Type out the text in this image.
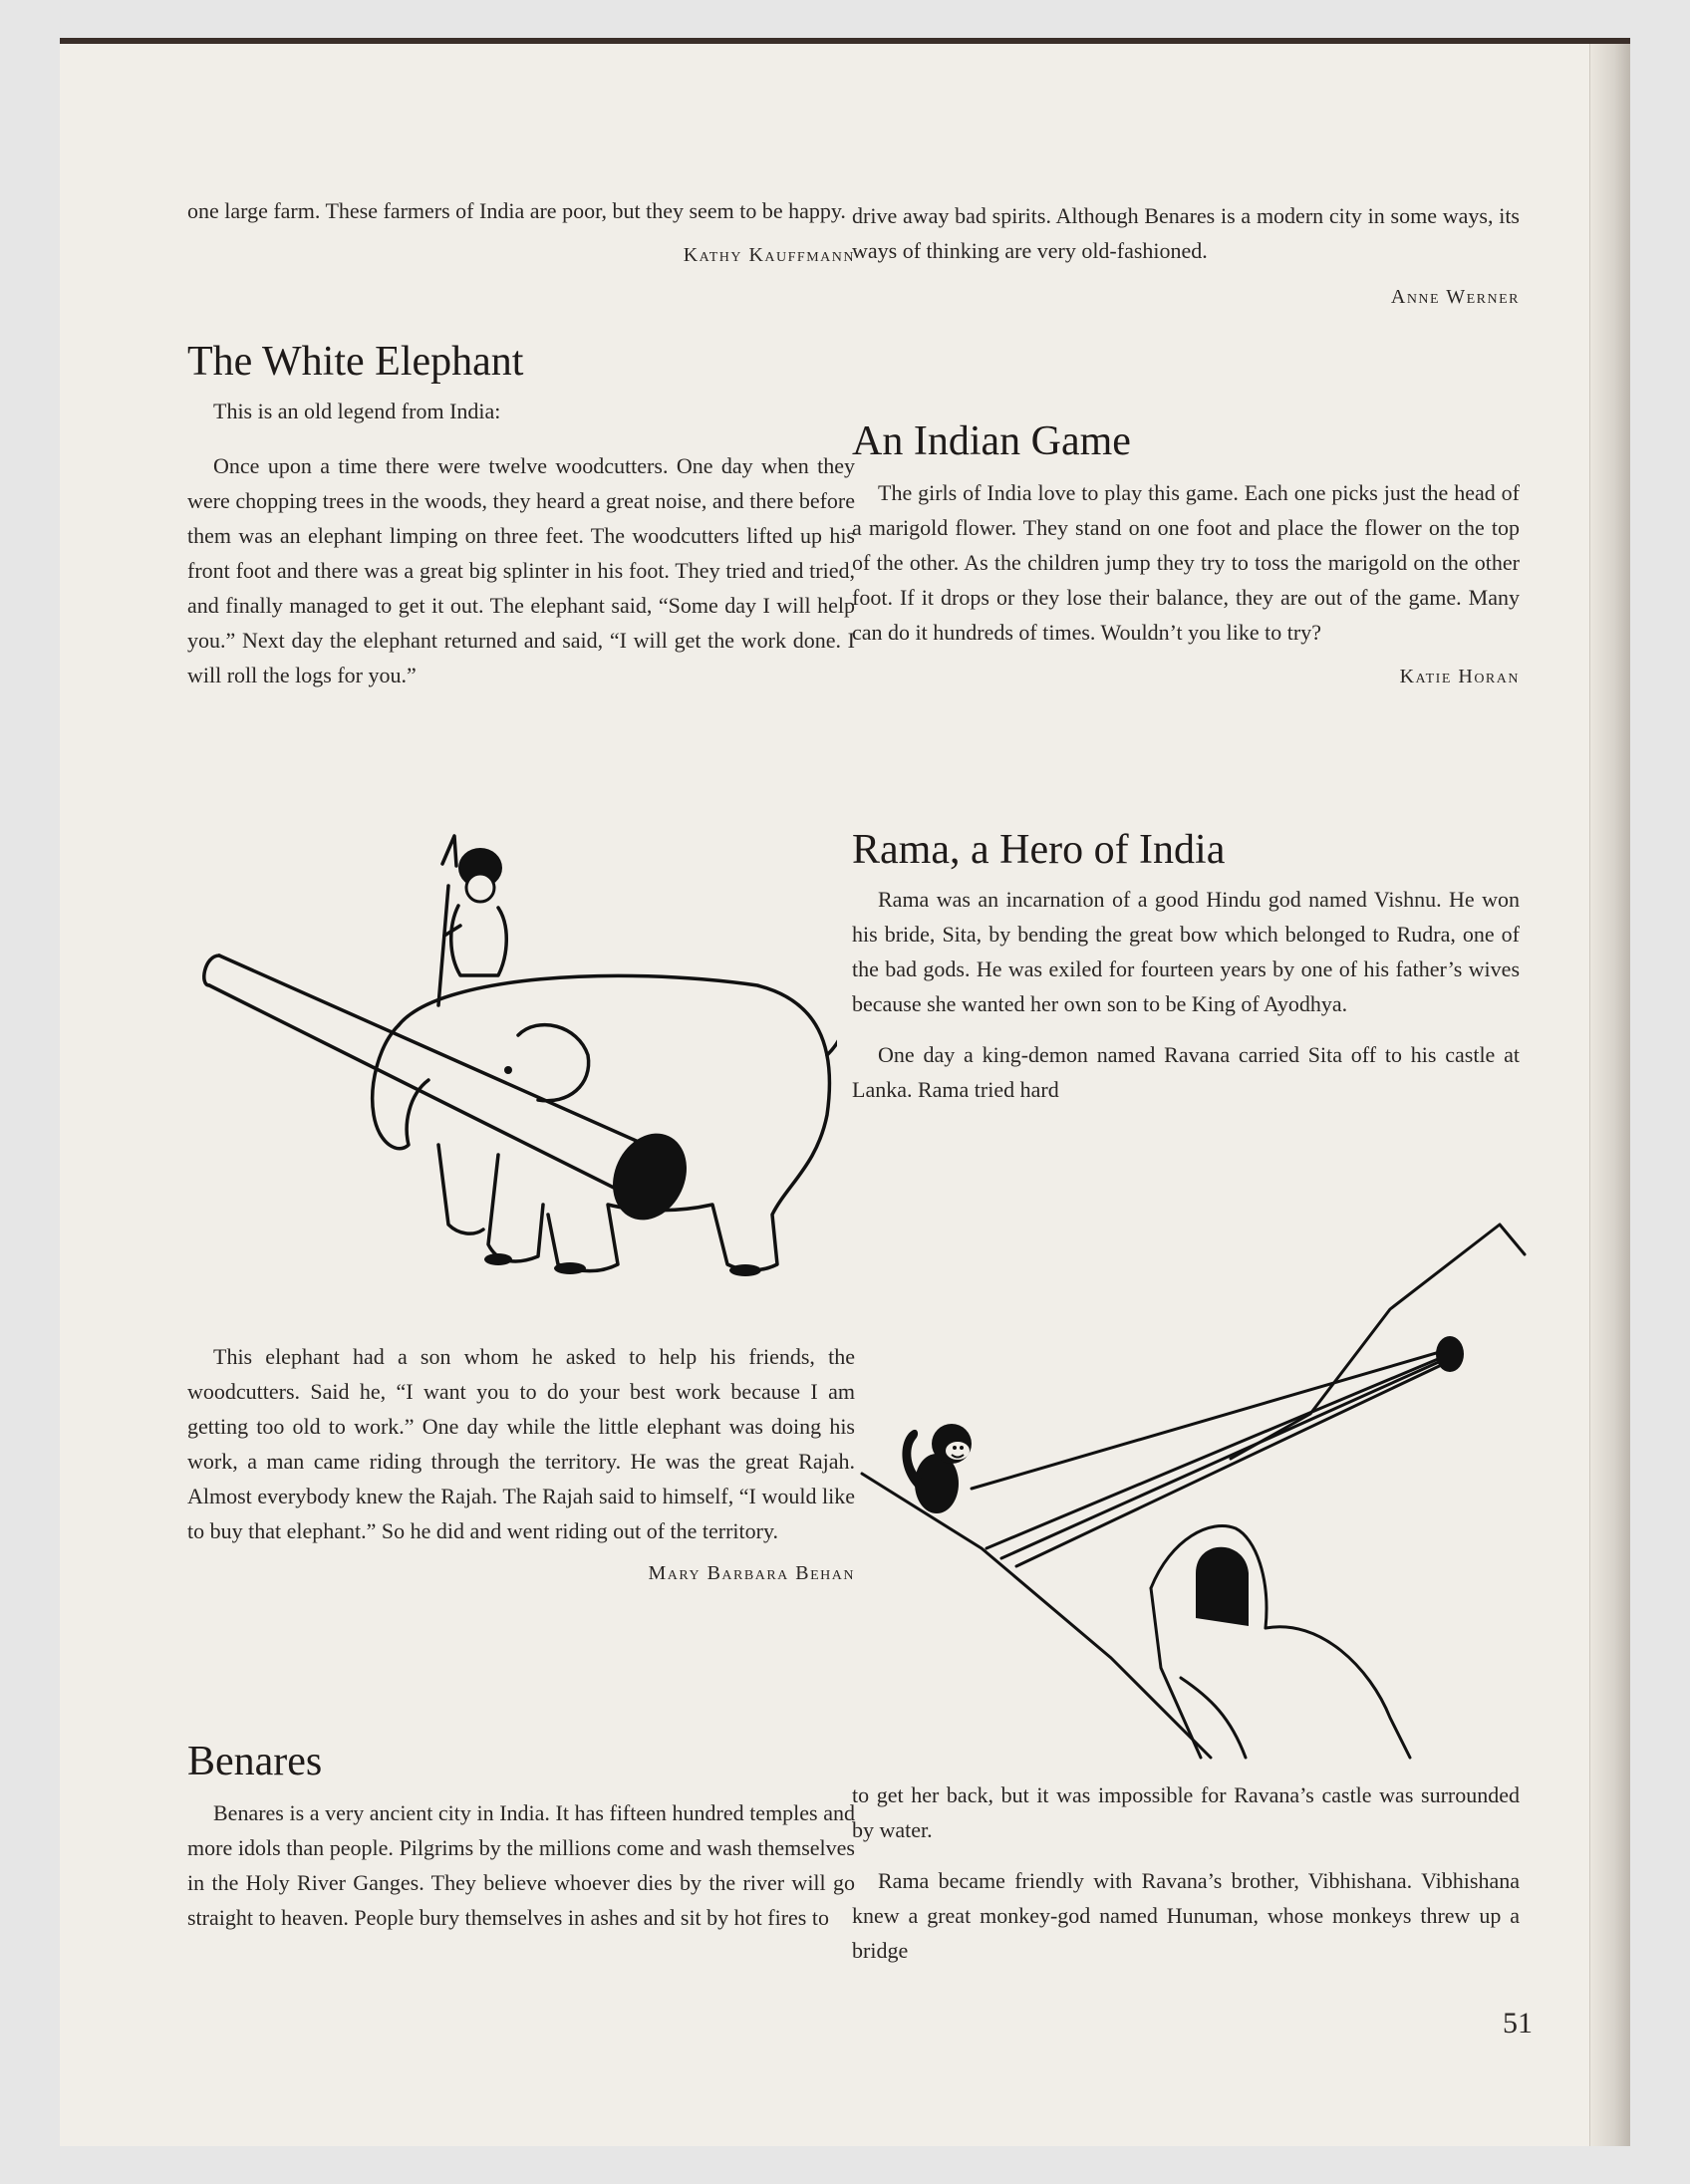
one large farm. These farmers of India are poor, but they seem to be happy.

Kathy Kauffmann
The White Elephant

This is an old legend from India:

Once upon a time there were twelve woodcutters. One day when they were chopping trees in the woods, they heard a great noise, and there before them was an elephant limping on three feet. The woodcutters lifted up his front foot and there was a great big splinter in his foot. They tried and tried, and finally managed to get it out. The elephant said, “Some day I will help you.” Next day the elephant returned and said, “I will get the work done. I will roll the logs for you.”

This elephant had a son whom he asked to help his friends, the woodcutters. Said he, “I want you to do your best work because I am getting too old to work.” One day while the little elephant was doing his work, a man came riding through the territory. He was the great Rajah. Almost everybody knew the Rajah. The Rajah said to himself, “I would like to buy that elephant.” So he did and went riding out of the territory.

Mary Barbara Behan
Benares

Benares is a very ancient city in India. It has fifteen hundred temples and more idols than people. Pilgrims by the millions come and wash themselves in the Holy River Ganges. They believe whoever dies by the river will go straight to heaven. People bury themselves in ashes and sit by hot fires to

drive away bad spirits. Although Benares is a modern city in some ways, its ways of thinking are very old-fashioned.

Anne Werner
An Indian Game

The girls of India love to play this game. Each one picks just the head of a marigold flower. They stand on one foot and place the flower on the top of the other. As the children jump they try to toss the marigold on the other foot. If it drops or they lose their balance, they are out of the game. Many can do it hundreds of times. Wouldn’t you like to try?

Katie Horan
Rama, a Hero of India

Rama was an incarnation of a good Hindu god named Vishnu. He won his bride, Sita, by bending the great bow which belonged to Rudra, one of the bad gods. He was exiled for fourteen years by one of his father’s wives because she wanted her own son to be King of Ayodhya.

One day a king-demon named Ravana carried Sita off to his castle at Lanka. Rama tried hard

to get her back, but it was impossible for Ravana’s castle was surrounded by water.

Rama became friendly with Ravana’s brother, Vibhishana. Vibhishana knew a great monkey-god named Hunuman, whose monkeys threw up a bridge

51
